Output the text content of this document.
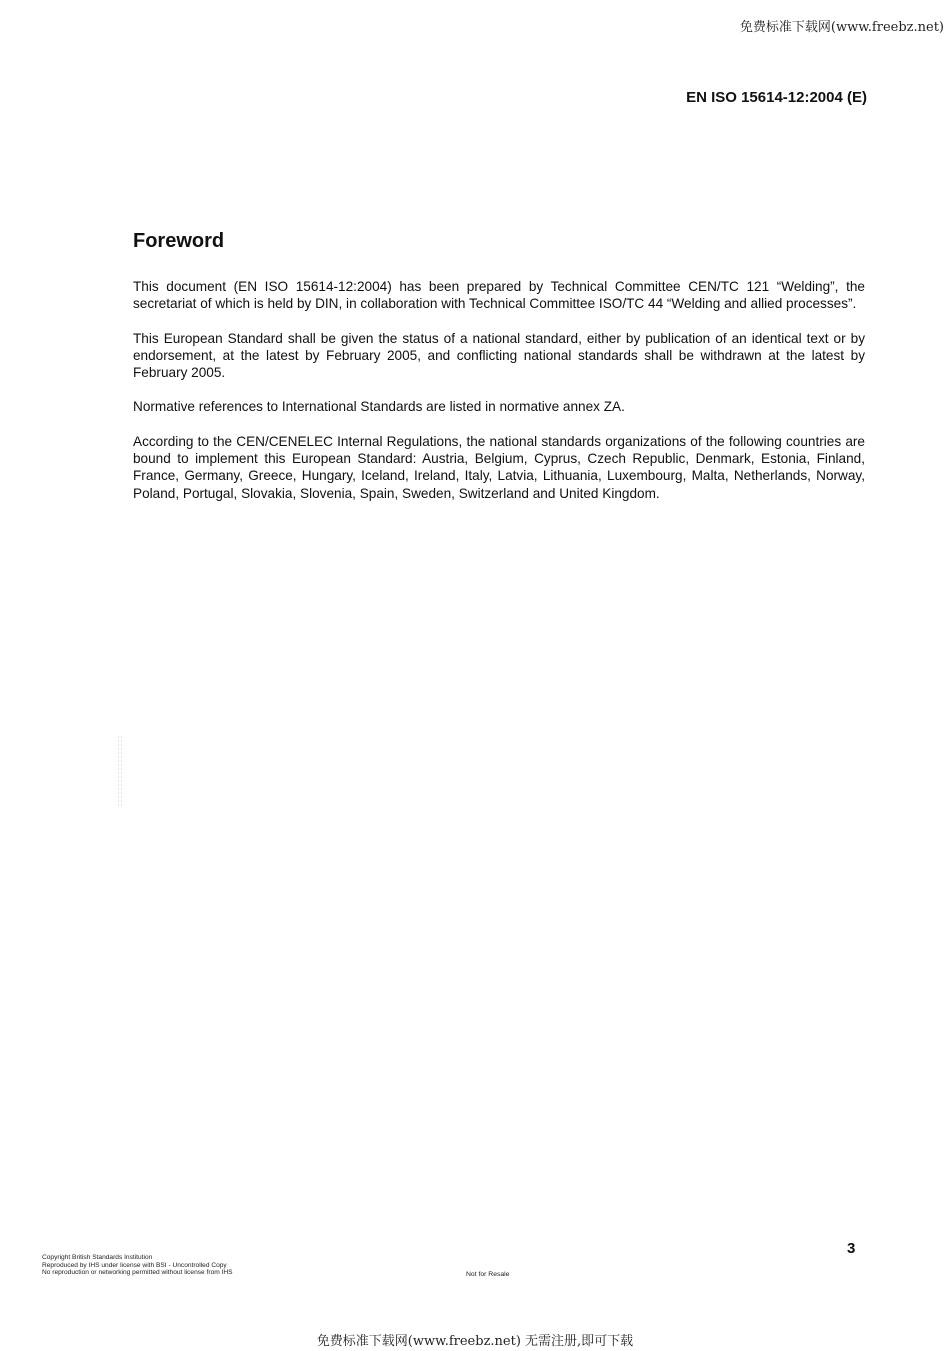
免费标准下载网(www.freebz.net)
EN ISO 15614-12:2004 (E)
Foreword

This document (EN ISO 15614-12:2004) has been prepared by Technical Committee CEN/TC 121 “Welding”, the secretariat of which is held by DIN, in collaboration with Technical Committee ISO/TC 44 “Welding and allied processes”.

This European Standard shall be given the status of a national standard, either by publication of an identical text or by endorsement, at the latest by February 2005, and conflicting national standards shall be withdrawn at the latest by February 2005.

Normative references to International Standards are listed in normative annex ZA.

According to the CEN/CENELEC Internal Regulations, the national standards organizations of the following countries are bound to implement this European Standard: Austria, Belgium, Cyprus, Czech Republic, Denmark, Estonia, Finland, France, Germany, Greece, Hungary, Iceland, Ireland, Italy, Latvia, Lithuania, Luxembourg, Malta, Netherlands, Norway, Poland, Portugal, Slovakia, Slovenia, Spain, Sweden, Switzerland and United Kingdom.

3
Copyright British Standards Institution
Reproduced by IHS under license with BSI - Uncontrolled Copy
No reproduction or networking permitted without license from IHS	Not for Resale
免费标准下载网(www.freebz.net) 无需注册,即可下载
